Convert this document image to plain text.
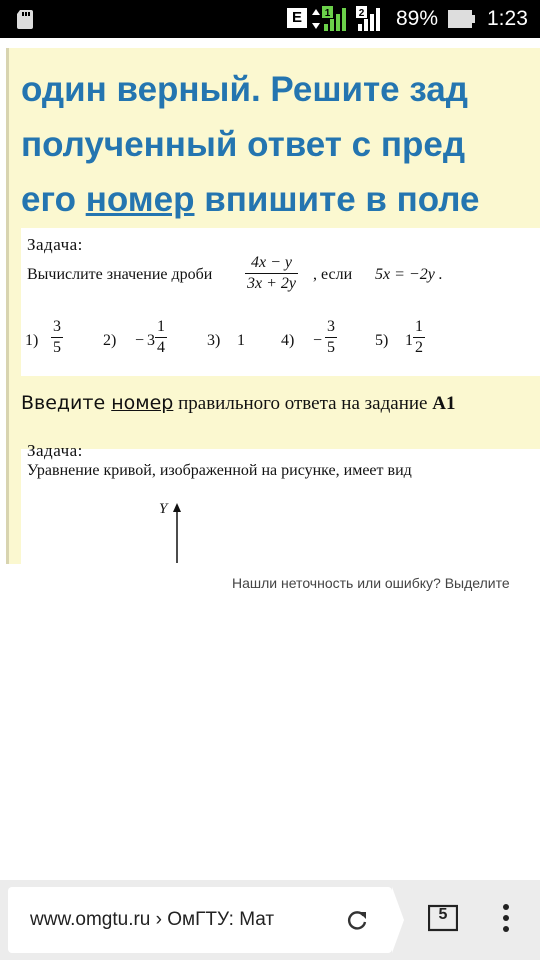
E	1	2 89% 1:23
один верный. Решите зад
полученный ответ с пред
его номер впишите в поле
Задача:
Вычислите значение дроби
4x − y
3x + 2y
, если 5x = −2y .
1)
3
5	2) − 3
1
4	3) 1 4) −
3
5	5) 1
1
2
Введите номер правильного ответа на задание A1
Задача:
Уравнение кривой, изображенной на рисунке, имеет вид
Y
Нашли неточность или ошибку? Выделите
www.omgtu.ru › ОмГТУ: Мат	5
